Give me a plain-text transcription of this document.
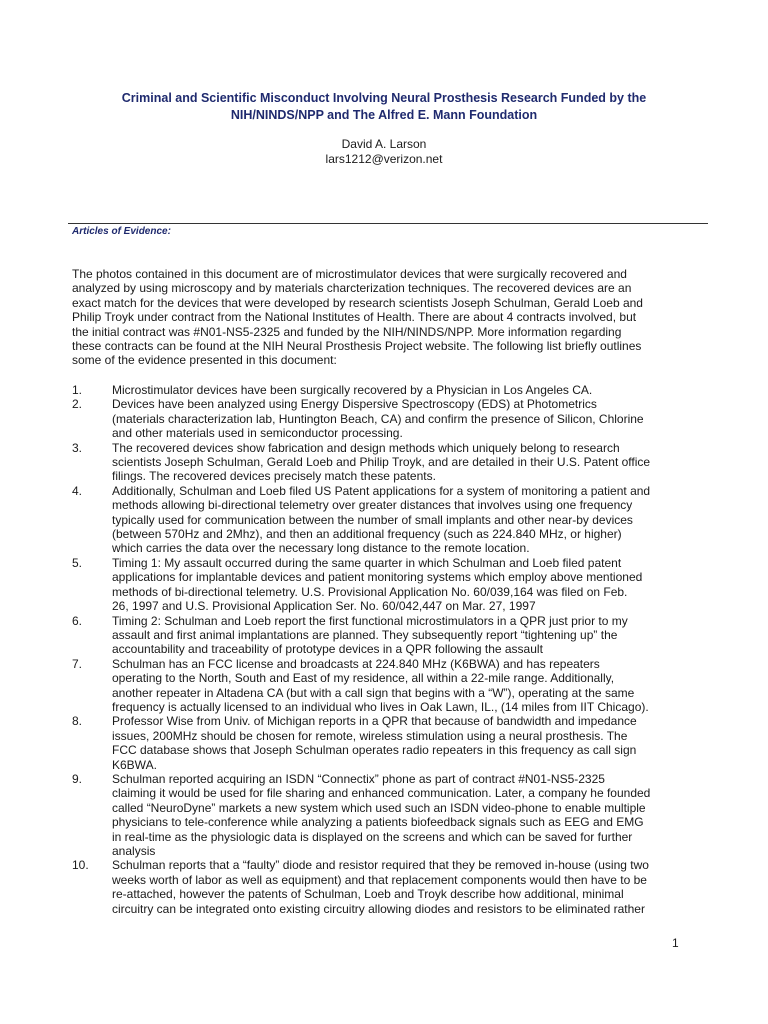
Criminal and Scientific Misconduct Involving Neural Prosthesis Research Funded by the
NIH/NINDS/NPP and The Alfred E. Mann Foundation
David A. Larson
lars1212@verizon.net
Articles of Evidence:
The photos contained in this document are of microstimulator devices that were surgically recovered and
analyzed by using microscopy and by materials charcterization techniques. The recovered devices are an
exact match for the devices that were developed by research scientists Joseph Schulman, Gerald Loeb and
Philip Troyk under contract from the National Institutes of Health. There are about 4 contracts involved, but
the initial contract was #N01-NS5-2325 and funded by the NIH/NINDS/NPP. More information regarding
these contracts can be found at the NIH Neural Prosthesis Project website. The following list briefly outlines
some of the evidence presented in this document:
1.	Microstimulator devices have been surgically recovered by a Physician in Los Angeles CA.
2.	Devices have been analyzed using Energy Dispersive Spectroscopy (EDS) at Photometrics
(materials characterization lab, Huntington Beach, CA) and confirm the presence of Silicon, Chlorine
and other materials used in semiconductor processing.
3.	The recovered devices show fabrication and design methods which uniquely belong to research
scientists Joseph Schulman, Gerald Loeb and Philip Troyk, and are detailed in their U.S. Patent office
filings. The recovered devices precisely match these patents.
4.	Additionally, Schulman and Loeb filed US Patent applications for a system of monitoring a patient and
methods allowing bi-directional telemetry over greater distances that involves using one frequency
typically used for communication between the number of small implants and other near-by devices
(between 570Hz and 2Mhz), and then an additional frequency (such as 224.840 MHz, or higher)
which carries the data over the necessary long distance to the remote location.
5.	Timing 1: My assault occurred during the same quarter in which Schulman and Loeb filed patent
applications for implantable devices and patient monitoring systems which employ above mentioned
methods of bi-directional telemetry. U.S. Provisional Application No. 60/039,164 was filed on Feb.
26, 1997 and U.S. Provisional Application Ser. No. 60/042,447 on Mar. 27, 1997
6.	Timing 2: Schulman and Loeb report the first functional microstimulators in a QPR just prior to my
assault and first animal implantations are planned. They subsequently report “tightening up” the
accountability and traceability of prototype devices in a QPR following the assault
7.	Schulman has an FCC license and broadcasts at 224.840 MHz (K6BWA) and has repeaters
operating to the North, South and East of my residence, all within a 22-mile range. Additionally,
another repeater in Altadena CA (but with a call sign that begins with a “W”), operating at the same
frequency is actually licensed to an individual who lives in Oak Lawn, IL., (14 miles from IIT Chicago).
8.	Professor Wise from Univ. of Michigan reports in a QPR that because of bandwidth and impedance
issues, 200MHz should be chosen for remote, wireless stimulation using a neural prosthesis. The
FCC database shows that Joseph Schulman operates radio repeaters in this frequency as call sign
K6BWA.
9.	Schulman reported acquiring an ISDN “Connectix” phone as part of contract #N01-NS5-2325
claiming it would be used for file sharing and enhanced communication. Later, a company he founded
called “NeuroDyne” markets a new system which used such an ISDN video-phone to enable multiple
physicians to tele-conference while analyzing a patients biofeedback signals such as EEG and EMG
in real-time as the physiologic data is displayed on the screens and which can be saved for further
analysis
10.	Schulman reports that a “faulty” diode and resistor required that they be removed in-house (using two
weeks worth of labor as well as equipment) and that replacement components would then have to be
re-attached, however the patents of Schulman, Loeb and Troyk describe how additional, minimal
circuitry can be integrated onto existing circuitry allowing diodes and resistors to be eliminated rather
1
